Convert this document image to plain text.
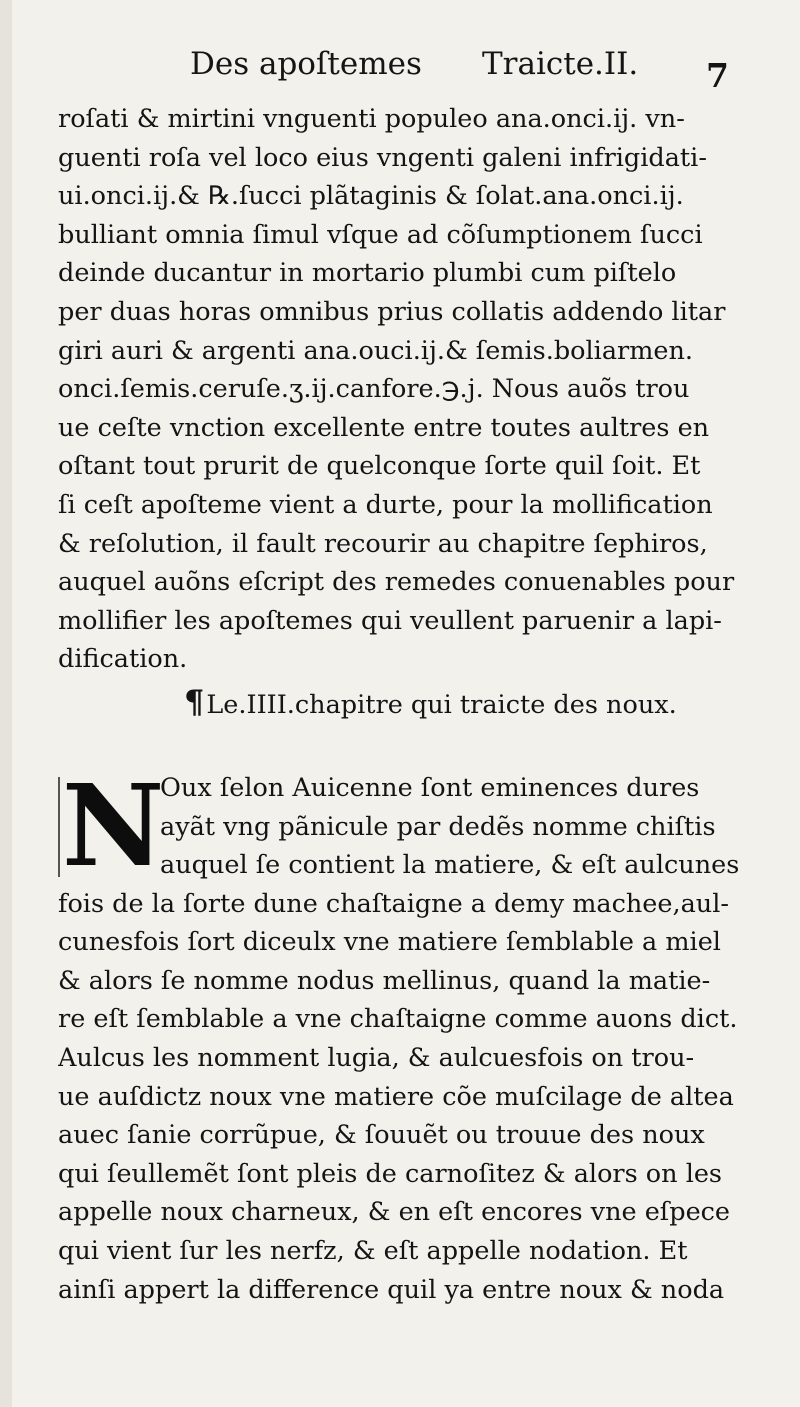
Des apoſtemes Traicte.II. 7
roſati & mirtini vnguenti populeo ana.onci.ij. vn-
guenti roſa vel loco eius vngenti galeni infrigidati-
ui.onci.ij.& ℞.ſucci plãtaginis & ſolat.ana.onci.ij.
bulliant omnia ſimul vſque ad cõſumptionem ſucci
deinde ducantur in mortario plumbi cum piſtelo
per duas horas omnibus prius collatis addendo litar
giri auri & argenti ana.ouci.ij.& ſemis.boliarmen.
onci.ſemis.ceruſe.ʒ.ij.canfore.℈.j. Nous auõs trou
ue ceſte vnction excellente entre toutes aultres en
oſtant tout prurit de quelconque ſorte quil ſoit. Et
ſi ceſt apoſteme vient a durte, pour la mollification
& reſolution, il fault recourir au chapitre ſephiros,
auquel auõns eſcript des remedes conuenables pour
mollifier les apoſtemes qui veullent paruenir a lapi-
dification.
¶Le.IIII.chapitre qui traicte des noux.
N
Oux ſelon Auicenne ſont eminences dures
ayãt vng pãnicule par dedẽs nomme chiſtis
auquel ſe contient la matiere, & eſt aulcunes
fois de la ſorte dune chaſtaigne a demy machee,aul-
cunesfois ſort diceulx vne matiere ſemblable a miel
& alors ſe nomme nodus mellinus, quand la matie-
re eſt ſemblable a vne chaſtaigne comme auons dict.
Aulcus les nomment lugia, & aulcuesfois on trou-
ue auſdictz noux vne matiere cõe muſcilage de altea
auec ſanie corrũpue, & ſouuẽt ou trouue des noux
qui ſeullemẽt ſont pleis de carnoſitez & alors on les
appelle noux charneux, & en eſt encores vne eſpece
qui vient ſur les nerfz, & eſt appelle nodation. Et
ainſi appert la difference quil ya entre noux & noda
